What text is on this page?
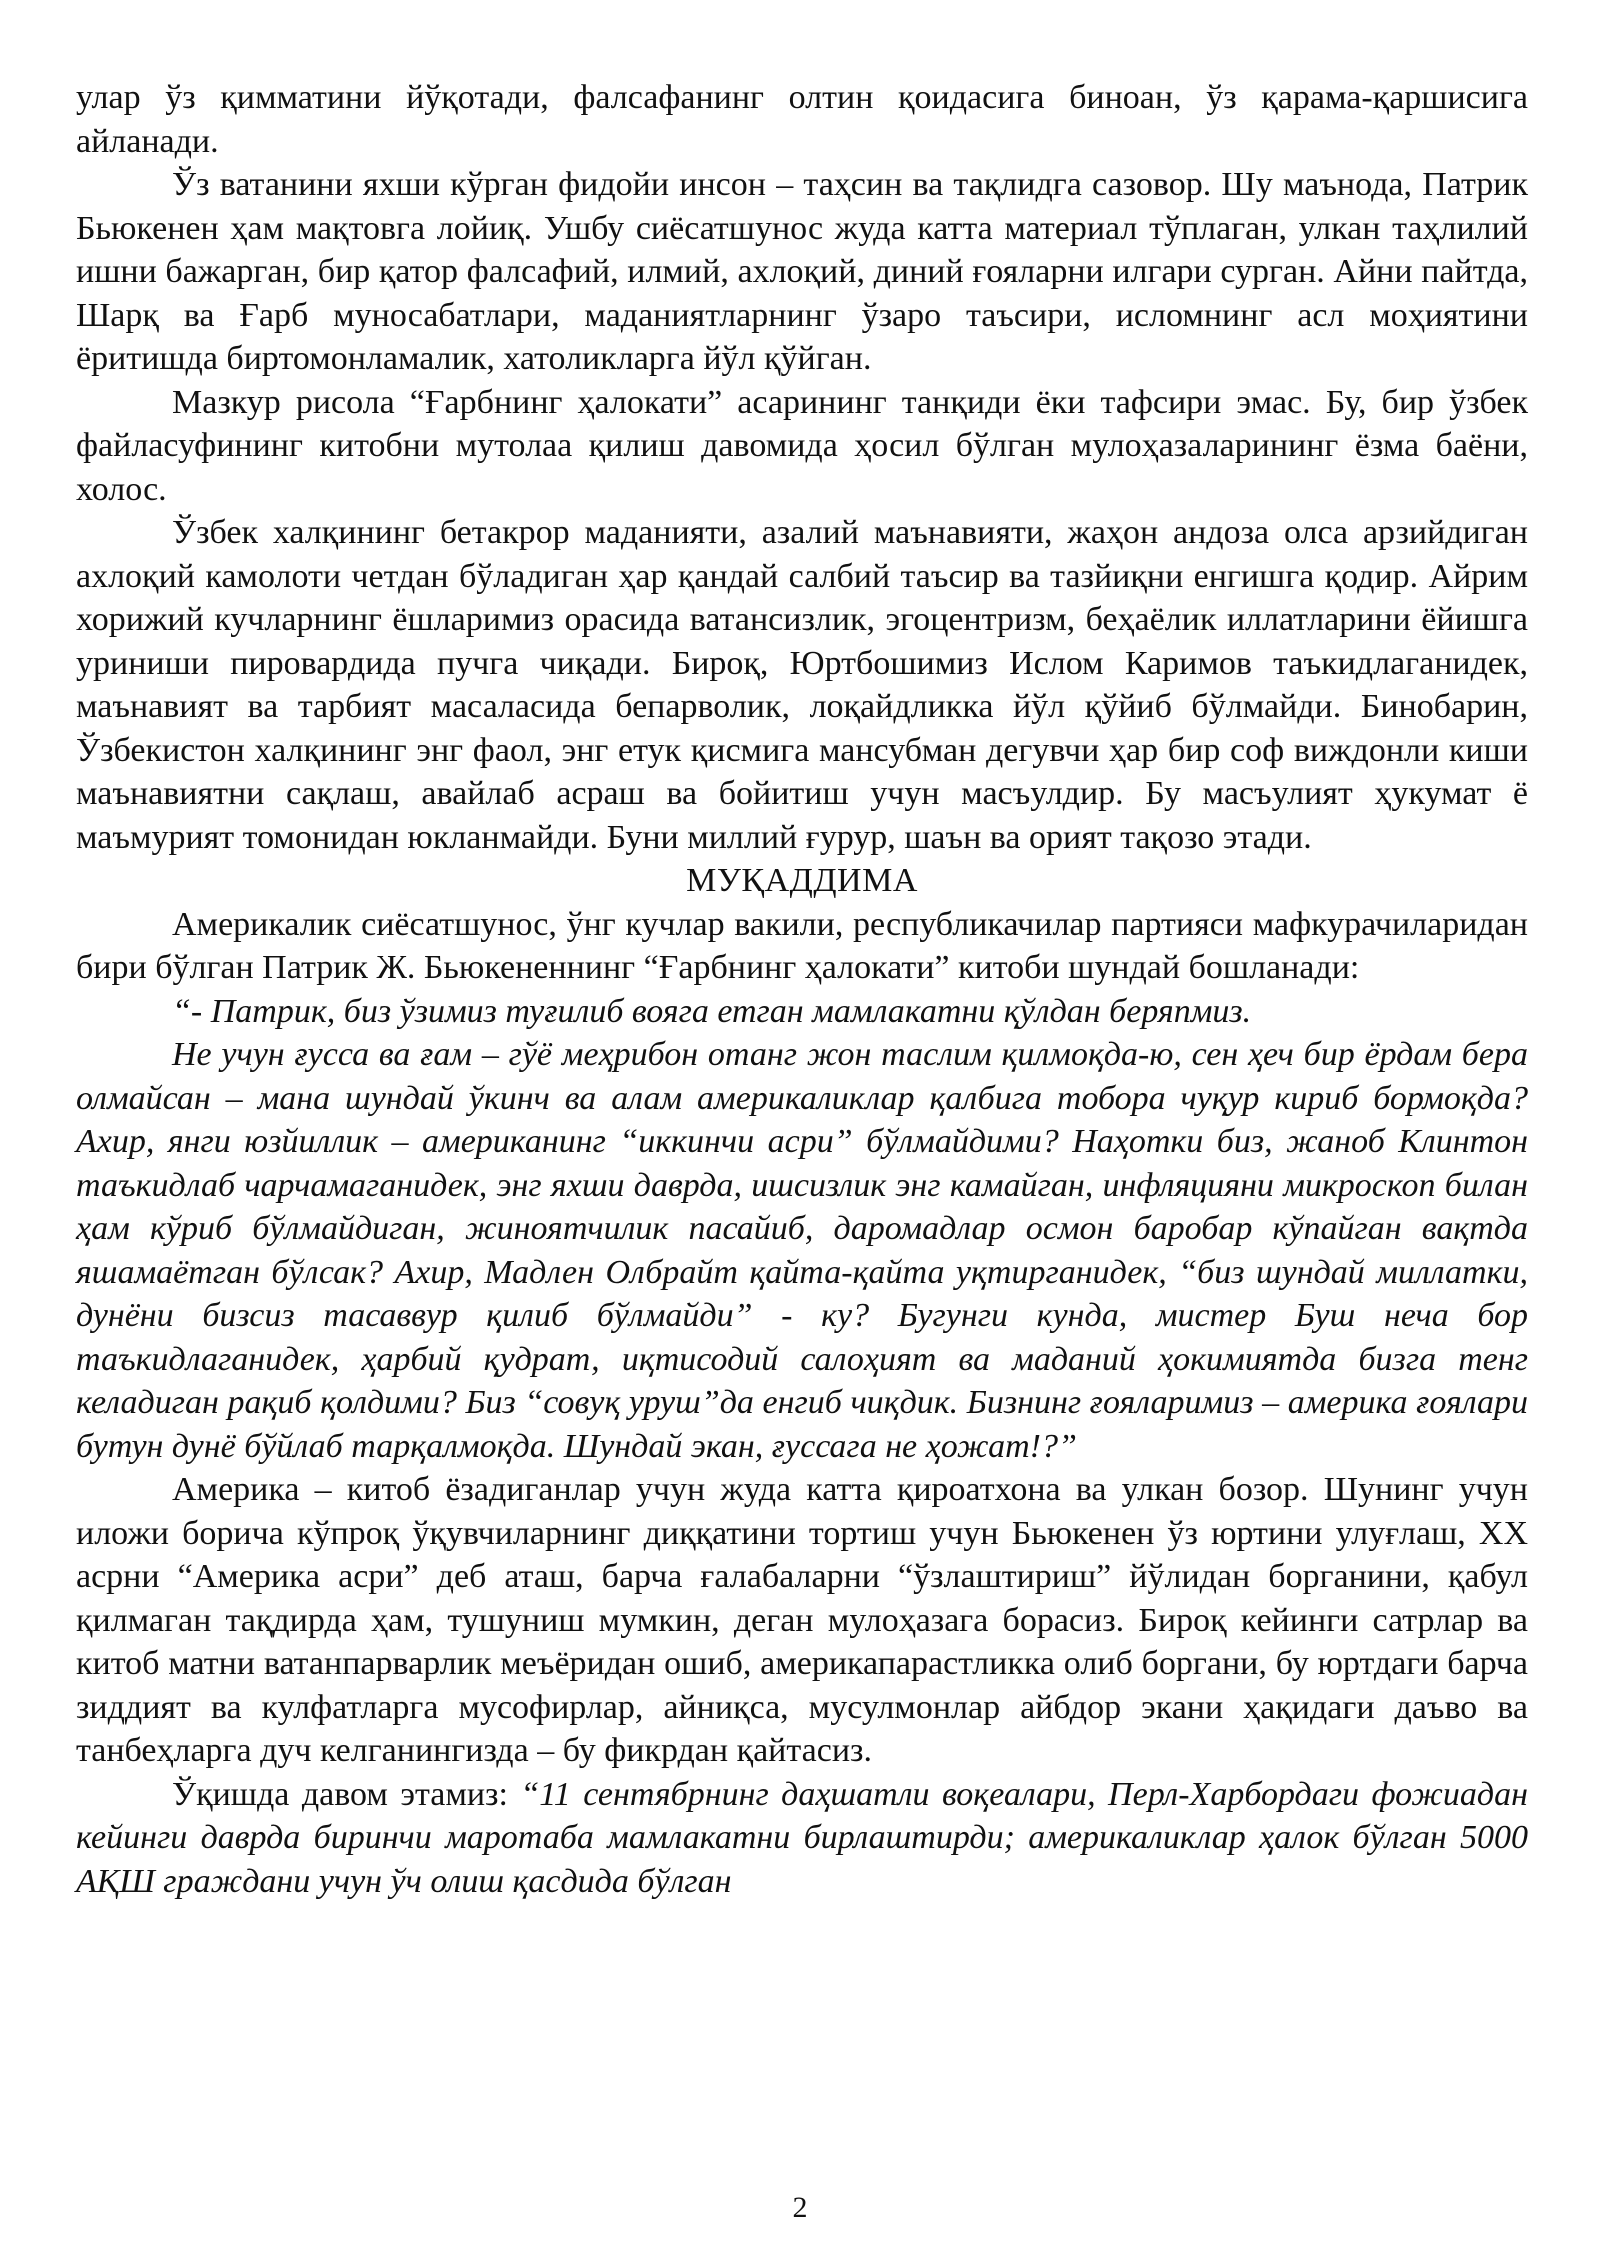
улар ўз қимматини йўқотади, фалсафанинг олтин қоидасига биноан, ўз қарама-қаршисига айланади.

Ўз ватанини яхши кўрган фидойи инсон – таҳсин ва тақлидга сазовор. Шу маънода, Патрик Бьюкенен ҳам мақтовга лойиқ. Ушбу сиёсатшунос жуда катта материал тўплаган, улкан таҳлилий ишни бажарган, бир қатор фалсафий, илмий, ахлоқий, диний ғояларни илгари сурган. Айни пайтда, Шарқ ва Ғарб муносабатлари, маданиятларнинг ўзаро таъсири, исломнинг асл моҳиятини ёритишда биртомонламалик, хатоликларга йўл қўйган.

Мазкур рисола “Ғарбнинг ҳалокати” асарининг танқиди ёки тафсири эмас. Бу, бир ўзбек файласуфининг китобни мутолаа қилиш давомида ҳосил бўлган мулоҳазаларининг ёзма баёни, холос.

Ўзбек халқининг бетакрор маданияти, азалий маънавияти, жаҳон андоза олса арзийдиган ахлоқий камолоти четдан бўладиган ҳар қандай салбий таъсир ва тазйиқни енгишга қодир. Айрим хорижий кучларнинг ёшларимиз орасида ватансизлик, эгоцентризм, беҳаёлик иллатларини ёйишга уриниши пировардида пучга чиқади. Бироқ, Юртбошимиз Ислом Каримов таъкидлаганидек, маънавият ва тарбият масаласида бепарволик, лоқайдликка йўл қўйиб бўлмайди. Бинобарин, Ўзбекистон халқининг энг фаол, энг етук қисмига мансубман дегувчи ҳар бир соф виждонли киши маънавиятни сақлаш, авайлаб асраш ва бойитиш учун масъулдир. Бу масъулият ҳукумат ё маъмурият томонидан юкланмайди. Буни миллий ғурур, шаън ва орият тақозо этади.

МУҚАДДИМА

Америкалик сиёсатшунос, ўнг кучлар вакили, республикачилар партияси мафкурачиларидан бири бўлган Патрик Ж. Бьюкененнинг “Ғарбнинг ҳалокати” китоби шундай бошланади:

“- Патрик, биз ўзимиз туғилиб вояга етган мамлакатни қўлдан беряпмиз.

Не учун ғусса ва ғам – гўё меҳрибон отанг жон таслим қилмоқда-ю, сен ҳеч бир ёрдам бера олмайсан – мана шундай ўкинч ва алам америкаликлар қалбига тобора чуқур кириб бормоқда? Ахир, янги юзйиллик – американинг “иккинчи асри” бўлмайдими? Наҳотки биз, жаноб Клинтон таъкидлаб чарчамаганидек, энг яхши даврда, ишсизлик энг камайган, инфляцияни микроскоп билан ҳам кўриб бўлмайдиган, жиноятчилик пасайиб, даромадлар осмон баробар кўпайган вақтда яшамаётган бўлсак? Ахир, Мадлен Олбрайт қайта-қайта уқтирганидек, “биз шундай миллатки, дунёни бизсиз тасаввур қилиб бўлмайди” - ку? Бугунги кунда, мистер Буш неча бор таъкидлаганидек, ҳарбий қудрат, иқтисодий салоҳият ва маданий ҳокимиятда бизга тенг келадиган рақиб қолдими? Биз “совуқ уруш”да енгиб чиқдик. Бизнинг ғояларимиз – америка ғоялари бутун дунё бўйлаб тарқалмоқда. Шундай экан, ғуссага не ҳожат!?”

Америка – китоб ёзадиганлар учун жуда катта қироатхона ва улкан бозор. Шунинг учун иложи борича кўпроқ ўқувчиларнинг диққатини тортиш учун Бьюкенен ўз юртини улуғлаш, XX асрни “Америка асри” деб аташ, барча ғалабаларни “ўзлаштириш” йўлидан борганини, қабул қилмаган тақдирда ҳам, тушуниш мумкин, деган мулоҳазага борасиз. Бироқ кейинги сатрлар ва китоб матни ватанпарварлик меъёридан ошиб, америкапарастликка олиб боргани, бу юртдаги барча зиддият ва кулфатларга мусофирлар, айниқса, мусулмонлар айбдор экани ҳақидаги даъво ва танбеҳларга дуч келганингизда – бу фикрдан қайтасиз.

Ўқишда давом этамиз: “11 сентябрнинг даҳшатли воқеалари, Перл-Харбордаги фожиадан кейинги даврда биринчи маротаба мамлакатни бирлаштирди; америкаликлар ҳалок бўлган 5000 АҚШ граждани учун ўч олиш қасдида бўлган

2
